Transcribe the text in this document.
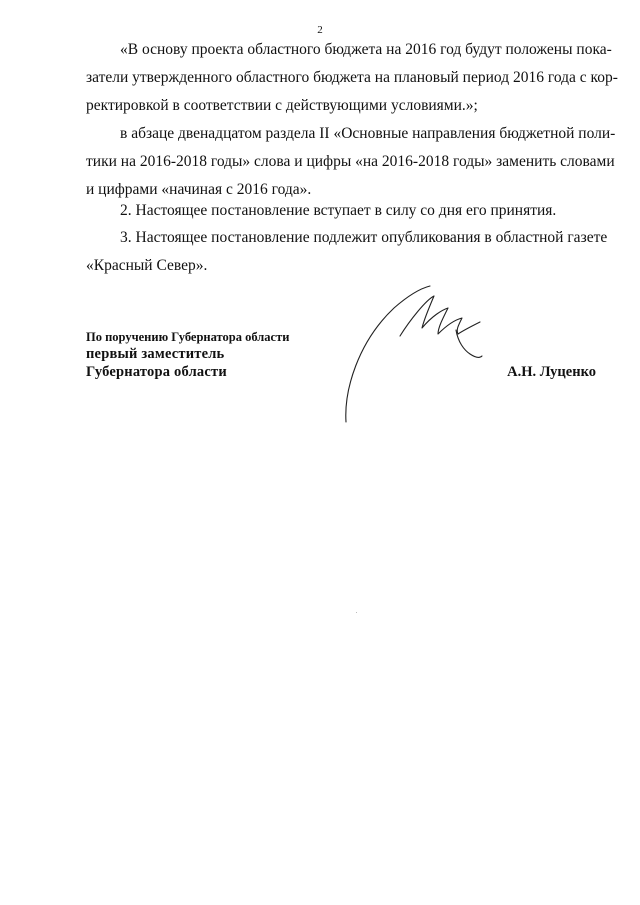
2
«В основу проекта областного бюджета на 2016 год будут положены пока-
затели утвержденного областного бюджета на плановый период 2016 года с кор-
ректировкой в соответствии с действующими условиями.»;
в абзаце двенадцатом раздела II «Основные направления бюджетной поли-
тики на 2016-2018 годы» слова и цифры «на 2016-2018 годы» заменить словами
и цифрами «начиная с 2016 года».
2. Настоящее постановление вступает в силу со дня его принятия.
3. Настоящее постановление подлежит опубликования в областной газете
«Красный Север».
По поручению Губернатора области
первый заместитель
Губернатора области	А.Н. Луценко
